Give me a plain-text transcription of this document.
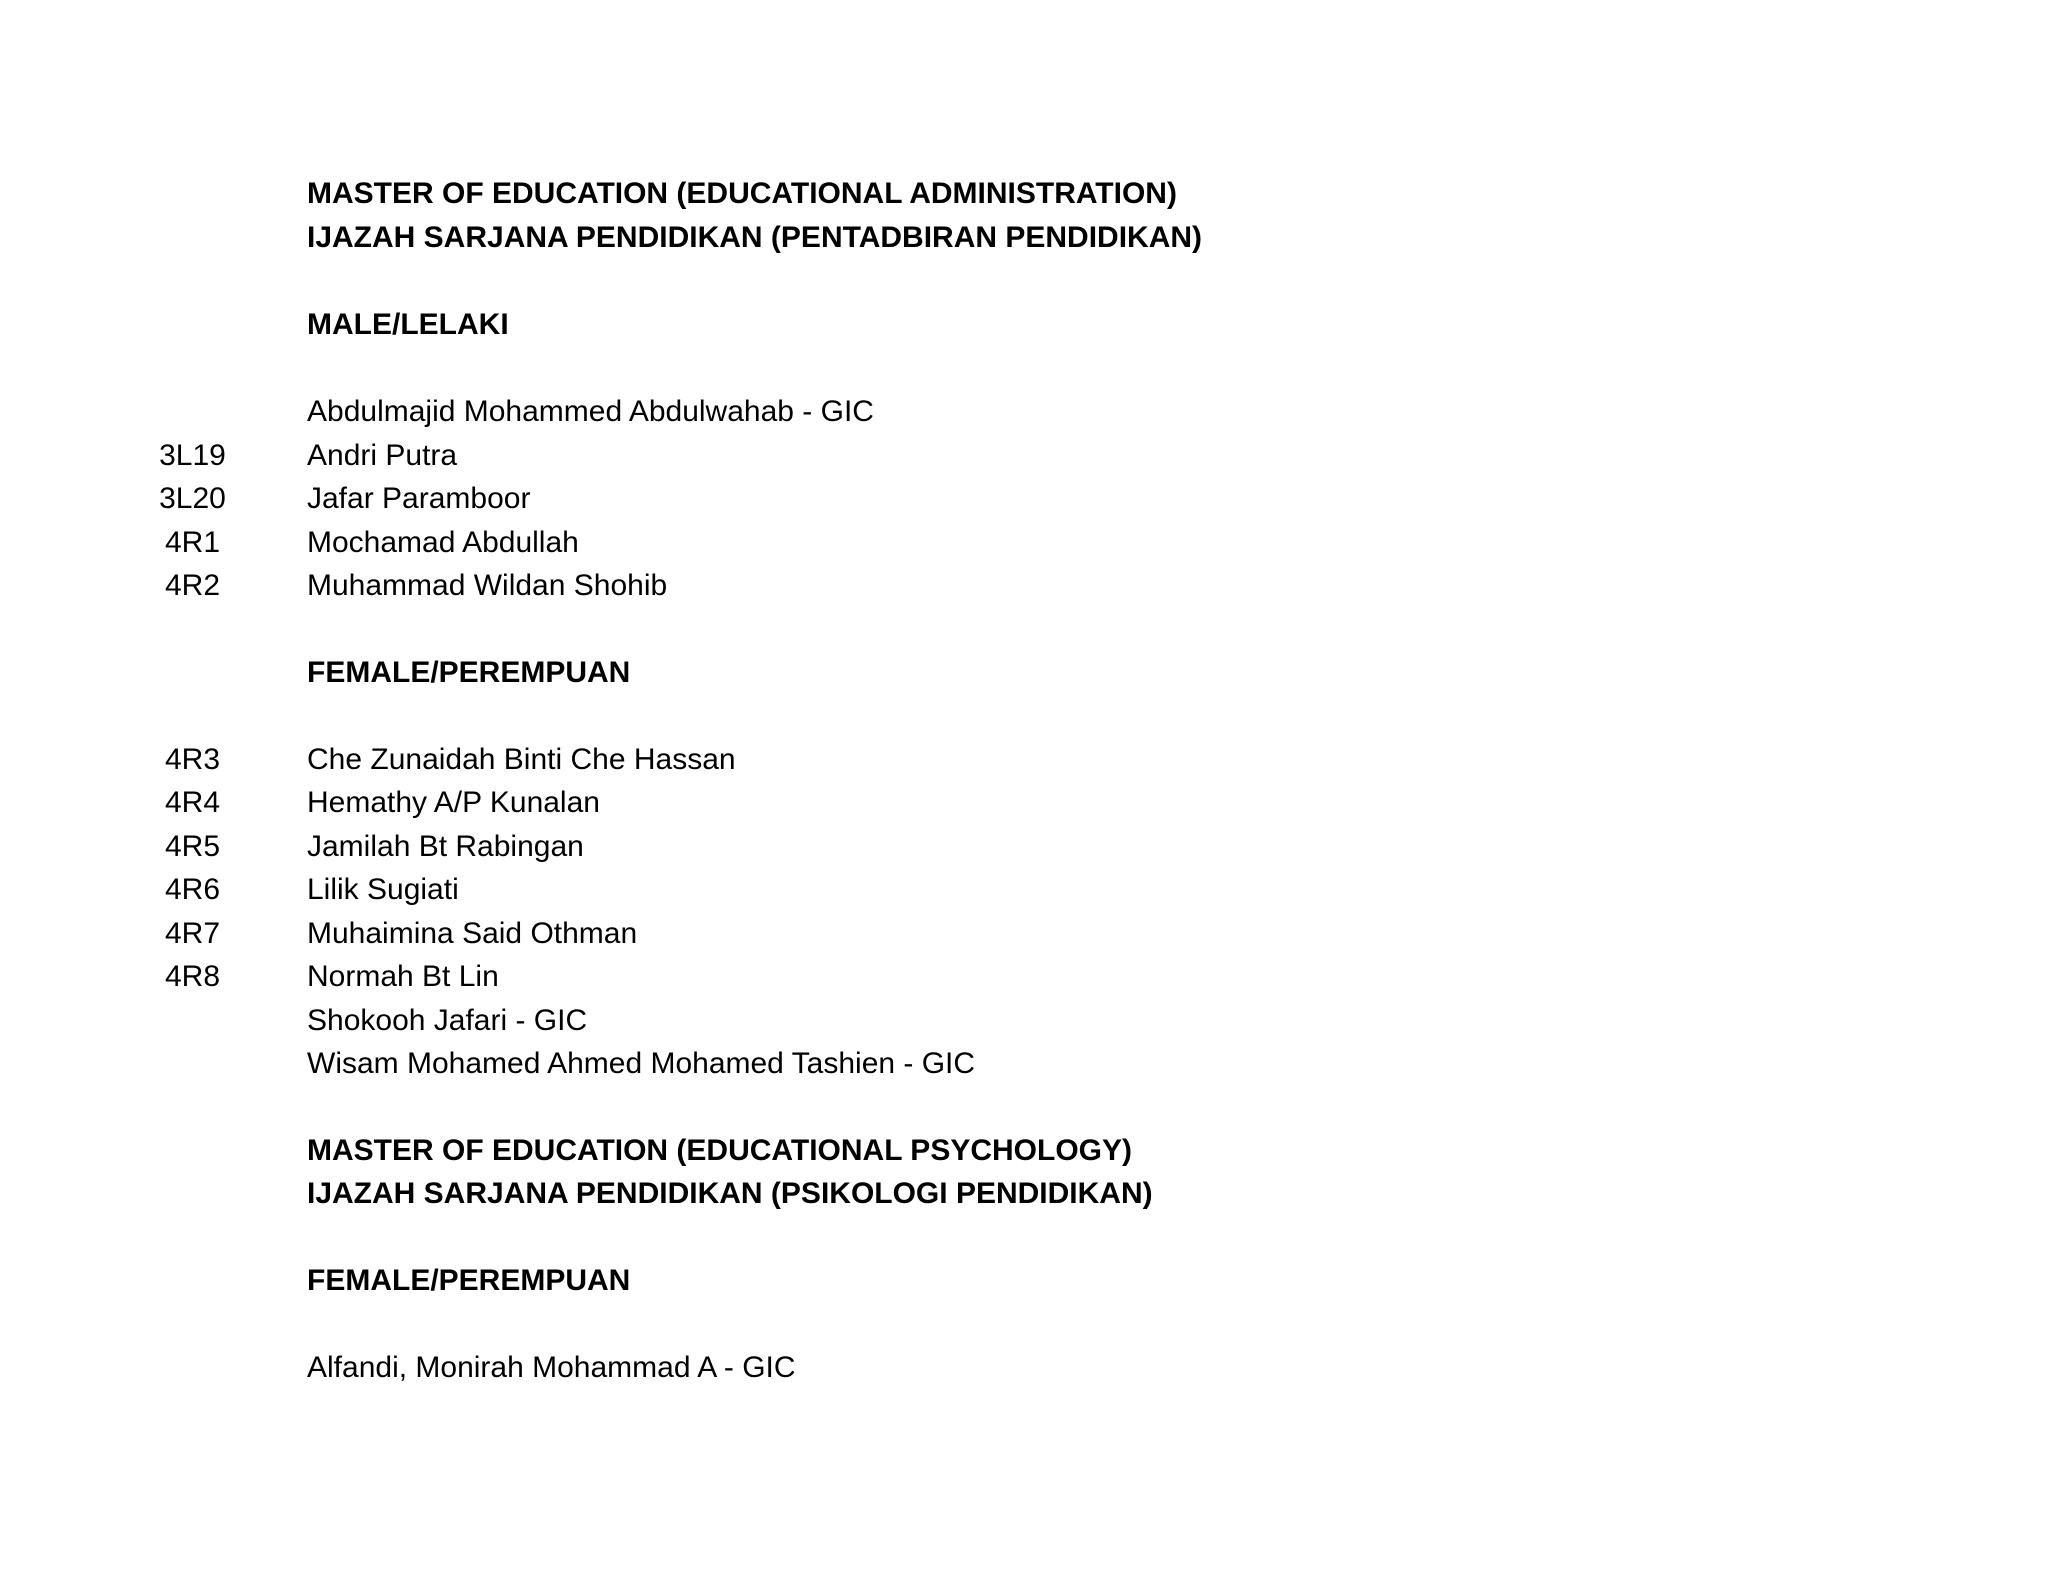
MASTER OF EDUCATION (EDUCATIONAL ADMINISTRATION)
IJAZAH SARJANA PENDIDIKAN (PENTADBIRAN PENDIDIKAN)
MALE/LELAKI
Abdulmajid Mohammed Abdulwahab - GIC
3L19	Andri Putra
3L20	Jafar Paramboor
4R1	Mochamad Abdullah
4R2	Muhammad Wildan Shohib
FEMALE/PEREMPUAN
4R3	Che Zunaidah Binti Che Hassan
4R4	Hemathy A/P Kunalan
4R5	Jamilah Bt Rabingan
4R6	Lilik Sugiati
4R7	Muhaimina Said Othman
4R8	Normah Bt Lin
Shokooh Jafari - GIC
Wisam Mohamed Ahmed Mohamed Tashien - GIC
MASTER OF EDUCATION (EDUCATIONAL PSYCHOLOGY)
IJAZAH SARJANA PENDIDIKAN (PSIKOLOGI PENDIDIKAN)
FEMALE/PEREMPUAN
Alfandi, Monirah Mohammad A - GIC
